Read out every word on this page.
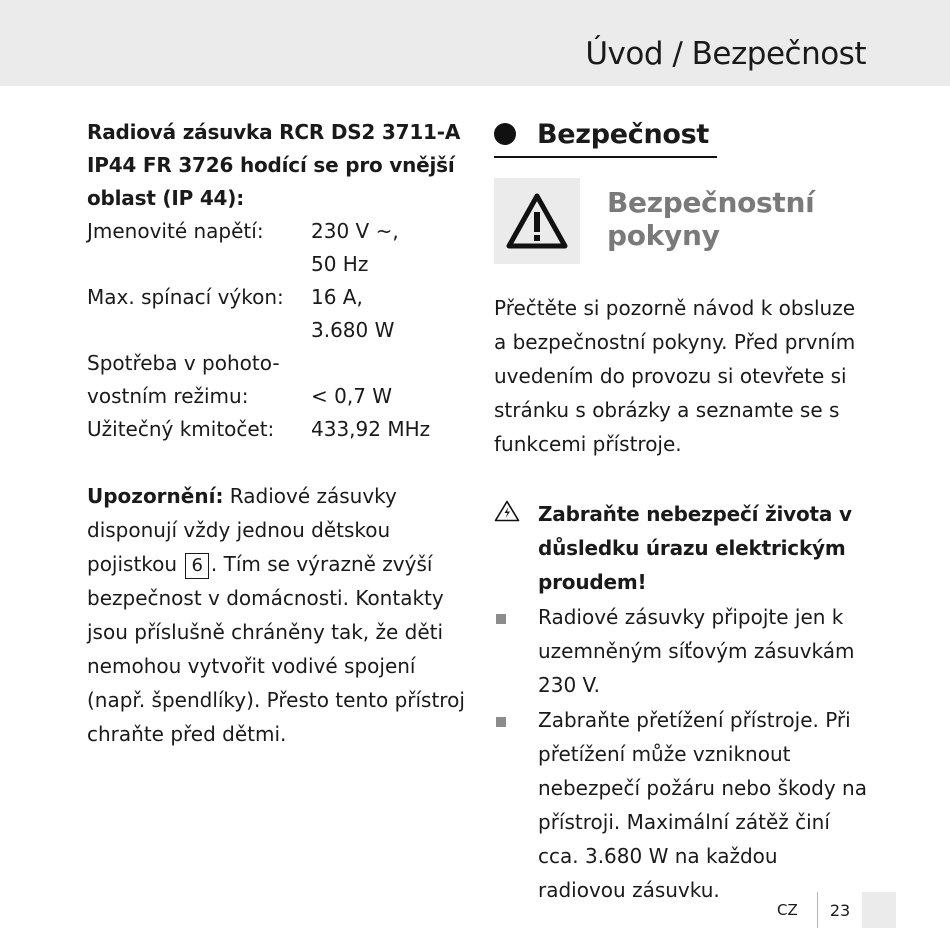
Úvod / Bezpečnost
Radiová zásuvka RCR DS2 3711-A IP44 FR 3726 hodící se pro vnější oblast (IP 44):
Jmenovité napětí:	230 V ~,
50 Hz
Max. spínací výkon:	16 A,
3.680 W
Spotřeba v pohoto-
vostním režimu:	< 0,7 W
Užitečný kmitočet:	433,92 MHz
Upozornění: Radiové zásuvky disponují vždy jednou dětskou pojistkou 6 . Tím se výrazně zvýší bezpečnost v domácnosti. Kontakty jsou příslušně chráněny tak, že děti nemohou vytvořit vodivé spojení (např. špendlíky). Přesto tento přístroj chraňte před dětmi.
Bezpečnost
Bezpečnostní
pokyny
Přečtěte si pozorně návod k obsluze a bezpečnostní pokyny. Před prvním uvedením do provozu si otevřete si stránku s obrázky a seznamte se s funkcemi přístroje.
Zabraňte nebezpečí života v důsledku úrazu elektrickým proudem!
Radiové zásuvky připojte jen k uzemněným síťovým zásuvkám 230 V.
Zabraňte přetížení přístroje. Při přetížení může vzniknout nebezpečí požáru nebo škody na přístroji. Maximální zátěž činí cca. 3.680 W na každou radiovou zásuvku.
CZ	23
